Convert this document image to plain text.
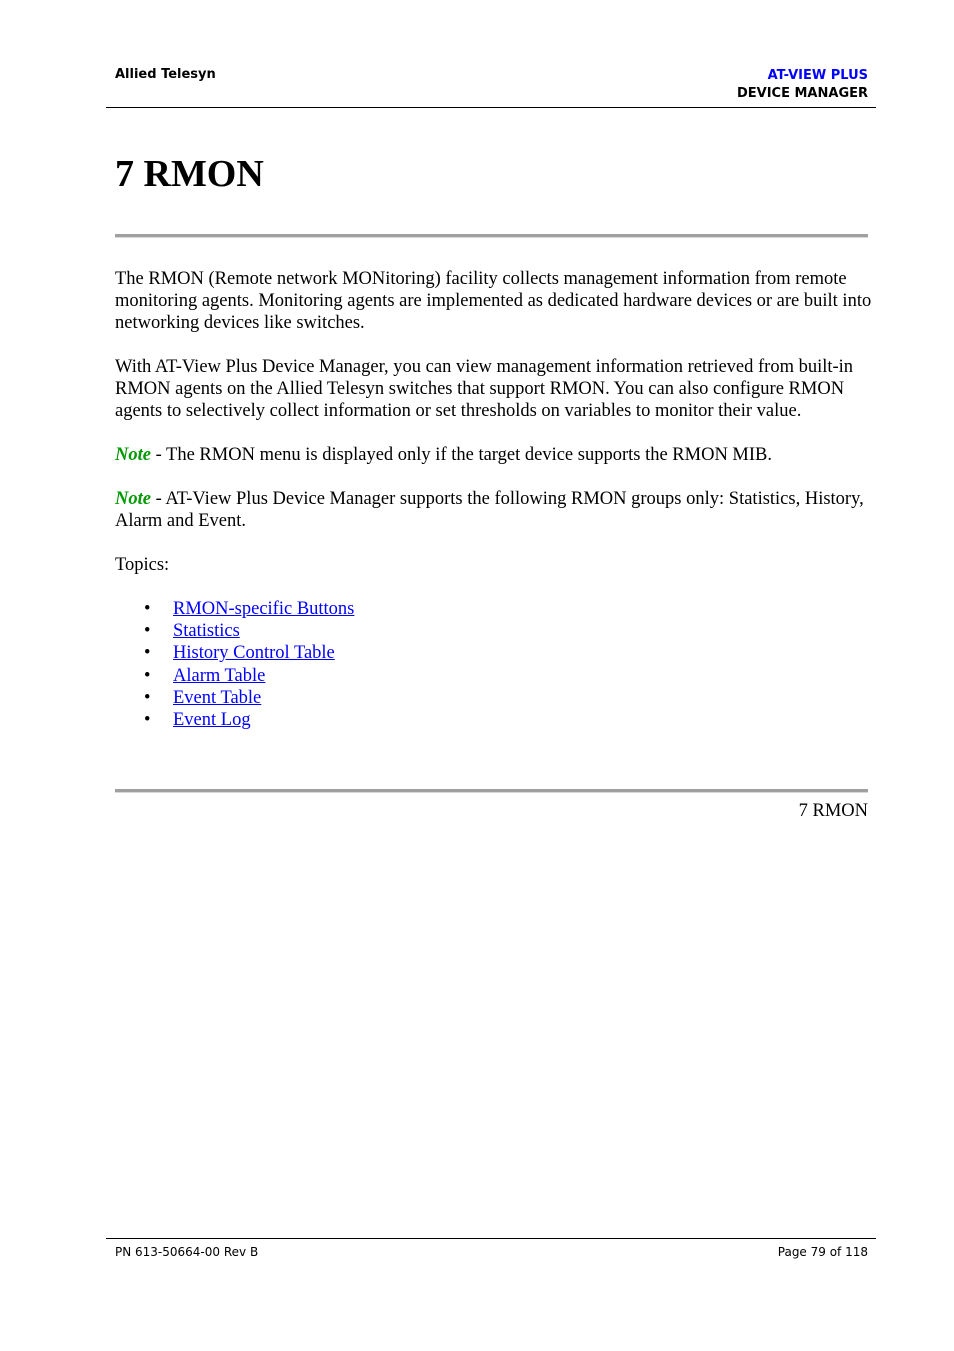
Allied Telesyn	AT-VIEW PLUS
DEVICE MANAGER
7 RMON

The RMON (Remote network MONitoring) facility collects management information from remote monitoring agents. Monitoring agents are implemented as dedicated hardware devices or are built into networking devices like switches.

With AT-View Plus Device Manager, you can view management information retrieved from built-in RMON agents on the Allied Telesyn switches that support RMON. You can also configure RMON agents to selectively collect information or set thresholds on variables to monitor their value.

Note - The RMON menu is displayed only if the target device supports the RMON MIB.

Note - AT-View Plus Device Manager supports the following RMON groups only: Statistics, History, Alarm and Event.

Topics:

• RMON-specific Buttons
• Statistics
• History Control Table
• Alarm Table
• Event Table
• Event Log
7 RMON
PN 613-50664-00 Rev B	Page 79 of 118
